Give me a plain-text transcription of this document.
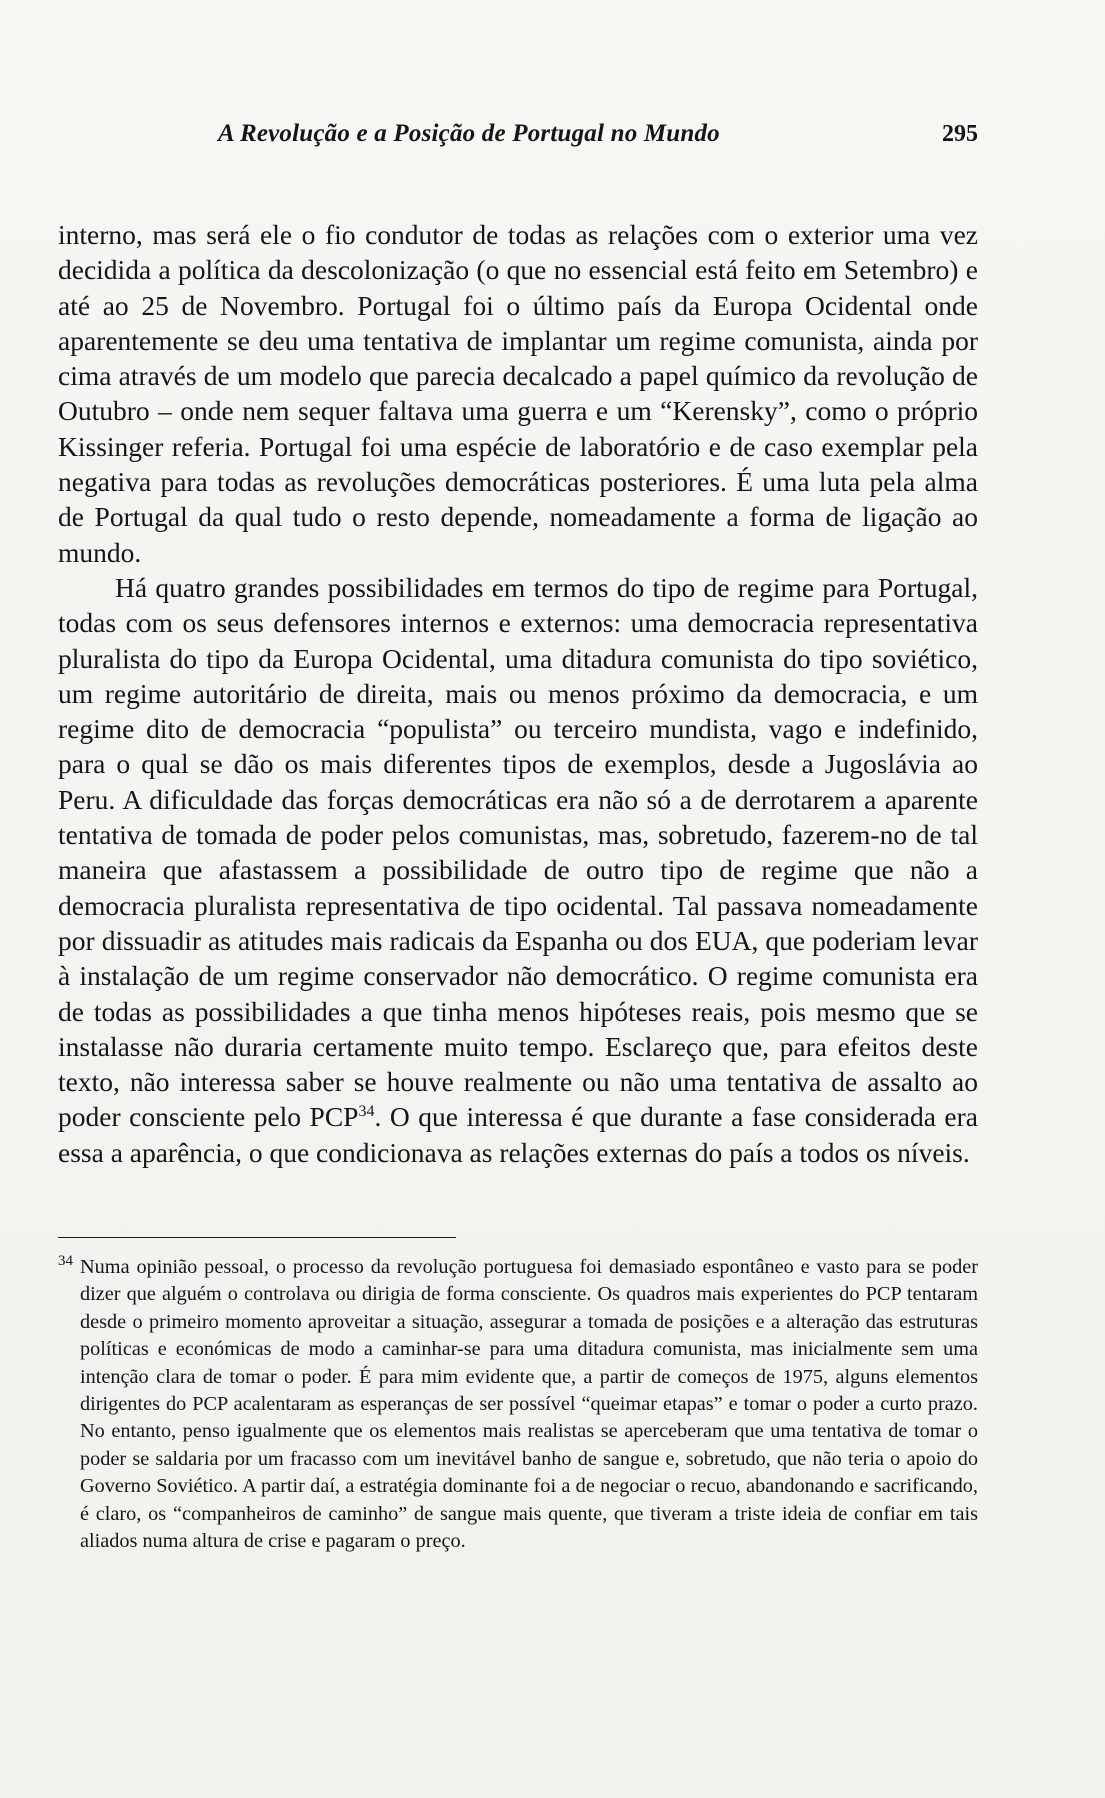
A Revolução e a Posição de Portugal no Mundo	295

interno, mas será ele o fio condutor de todas as relações com o exterior uma vez decidida a política da descolonização (o que no essencial está feito em Setembro) e até ao 25 de Novembro. Portugal foi o último país da Europa Ocidental onde aparentemente se deu uma tentativa de implantar um regime comunista, ainda por cima através de um modelo que parecia decalcado a papel químico da revolução de Outubro – onde nem sequer faltava uma guerra e um “Kerensky”, como o próprio Kissinger referia. Portugal foi uma espécie de laboratório e de caso exemplar pela negativa para todas as revoluções democráticas posteriores. É uma luta pela alma de Portugal da qual tudo o resto depende, nomeadamente a forma de ligação ao mundo.

Há quatro grandes possibilidades em termos do tipo de regime para Portugal, todas com os seus defensores internos e externos: uma democracia representativa pluralista do tipo da Europa Ocidental, uma ditadura comunista do tipo soviético, um regime autoritário de direita, mais ou menos próximo da democracia, e um regime dito de democracia “populista” ou terceiro mundista, vago e indefinido, para o qual se dão os mais diferentes tipos de exemplos, desde a Jugoslávia ao Peru. A dificuldade das forças democráticas era não só a de derrotarem a aparente tentativa de tomada de poder pelos comunistas, mas, sobretudo, fazerem-no de tal maneira que afastassem a possibilidade de outro tipo de regime que não a democracia pluralista representativa de tipo ocidental. Tal passava nomeadamente por dissuadir as atitudes mais radicais da Espanha ou dos EUA, que poderiam levar à instalação de um regime conservador não democrático. O regime comunista era de todas as possibilidades a que tinha menos hipóteses reais, pois mesmo que se instalasse não duraria certamente muito tempo. Esclareço que, para efeitos deste texto, não interessa saber se houve realmente ou não uma tentativa de assalto ao poder consciente pelo PCP$^{34}$. O que interessa é que durante a fase considerada era essa a aparência, o que condicionava as relações externas do país a todos os níveis.

34 Numa opinião pessoal, o processo da revolução portuguesa foi demasiado espontâneo e vasto para se poder dizer que alguém o controlava ou dirigia de forma consciente. Os quadros mais experientes do PCP tentaram desde o primeiro momento aproveitar a situação, assegurar a tomada de posições e a alteração das estruturas políticas e económicas de modo a caminhar-se para uma ditadura comunista, mas inicialmente sem uma intenção clara de tomar o poder. É para mim evidente que, a partir de começos de 1975, alguns elementos dirigentes do PCP acalentaram as esperanças de ser possível “queimar etapas” e tomar o poder a curto prazo. No entanto, penso igualmente que os elementos mais realistas se aperceberam que uma tentativa de tomar o poder se saldaria por um fracasso com um inevitável banho de sangue e, sobretudo, que não teria o apoio do Governo Soviético. A partir daí, a estratégia dominante foi a de negociar o recuo, abandonando e sacrificando, é claro, os “companheiros de caminho” de sangue mais quente, que tiveram a triste ideia de confiar em tais aliados numa altura de crise e pagaram o preço.
